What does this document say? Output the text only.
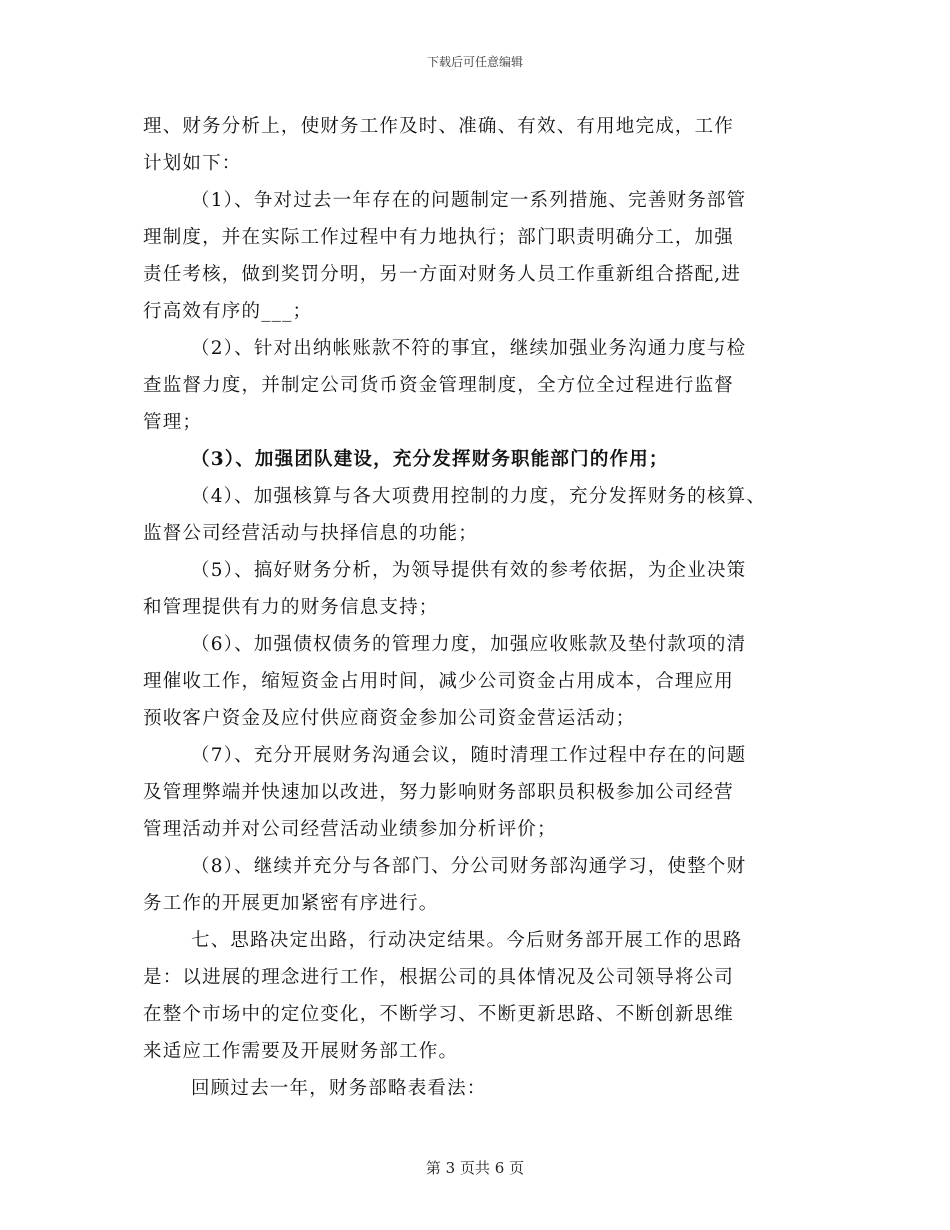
下载后可任意编辑
理、财务分析上，使财务工作及时、准确、有效、有用地完成，工作
计划如下：
（1）、争对过去一年存在的问题制定一系列措施、完善财务部管
理制度，并在实际工作过程中有力地执行；部门职责明确分工，加强
责任考核，做到奖罚分明，另一方面对财务人员工作重新组合搭配,进
行高效有序的___；
（2）、针对出纳帐账款不符的事宜，继续加强业务沟通力度与检
查监督力度，并制定公司货币资金管理制度，全方位全过程进行监督
管理；
（3）、加强团队建设，充分发挥财务职能部门的作用；
（4）、加强核算与各大项费用控制的力度，充分发挥财务的核算、
监督公司经营活动与抉择信息的功能；
（5）、搞好财务分析，为领导提供有效的参考依据，为企业决策
和管理提供有力的财务信息支持；
（6）、加强债权债务的管理力度，加强应收账款及垫付款项的清
理催收工作，缩短资金占用时间，减少公司资金占用成本，合理应用
预收客户资金及应付供应商资金参加公司资金营运活动；
（7）、充分开展财务沟通会议，随时清理工作过程中存在的问题
及管理弊端并快速加以改进，努力影响财务部职员积极参加公司经营
管理活动并对公司经营活动业绩参加分析评价；
（8）、继续并充分与各部门、分公司财务部沟通学习，使整个财
务工作的开展更加紧密有序进行。
七、思路决定出路，行动决定结果。今后财务部开展工作的思路
是：以进展的理念进行工作，根据公司的具体情况及公司领导将公司
在整个市场中的定位变化，不断学习、不断更新思路、不断创新思维
来适应工作需要及开展财务部工作。
回顾过去一年，财务部略表看法：
第 3 页共 6 页
